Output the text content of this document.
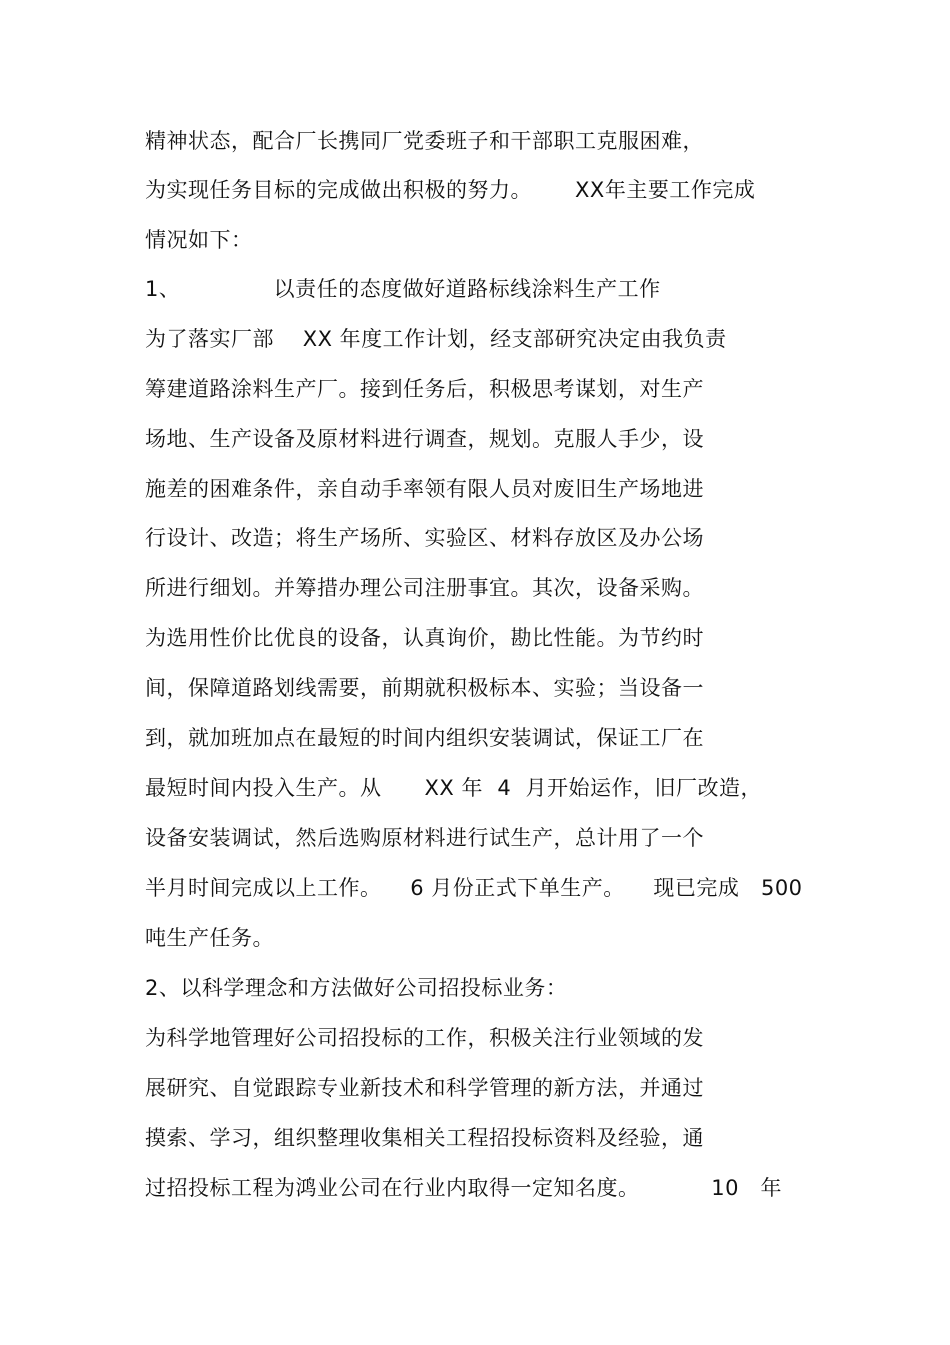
精神状态，配合厂长携同厂党委班子和干部职工克服困难，
为实现任务目标的完成做出积极的努力。      XX年主要工作完成
情况如下：
1、             以责任的态度做好道路标线涂料生产工作
为了落实厂部    XX 年度工作计划，经支部研究决定由我负责
筹建道路涂料生产厂。接到任务后，积极思考谋划，对生产
场地、生产设备及原材料进行调查，规划。克服人手少，设
施差的困难条件，亲自动手率领有限人员对废旧生产场地进
行设计、改造；将生产场所、实验区、材料存放区及办公场
所进行细划。并筹措办理公司注册事宜。其次，设备采购。
为选用性价比优良的设备，认真询价，勘比性能。为节约时
间，保障道路划线需要，前期就积极标本、实验；当设备一
到，就加班加点在最短的时间内组织安装调试，保证工厂在
最短时间内投入生产。从      XX 年  4  月开始运作，旧厂改造，
设备安装调试，然后选购原材料进行试生产，总计用了一个
半月时间完成以上工作。    6 月份正式下单生产。    现已完成   500
吨生产任务。
2、以科学理念和方法做好公司招投标业务：
为科学地管理好公司招投标的工作，积极关注行业领域的发
展研究、自觉跟踪专业新技术和科学管理的新方法，并通过
摸索、学习，组织整理收集相关工程招投标资料及经验，通
过招投标工程为鸿业公司在行业内取得一定知名度。          10   年
